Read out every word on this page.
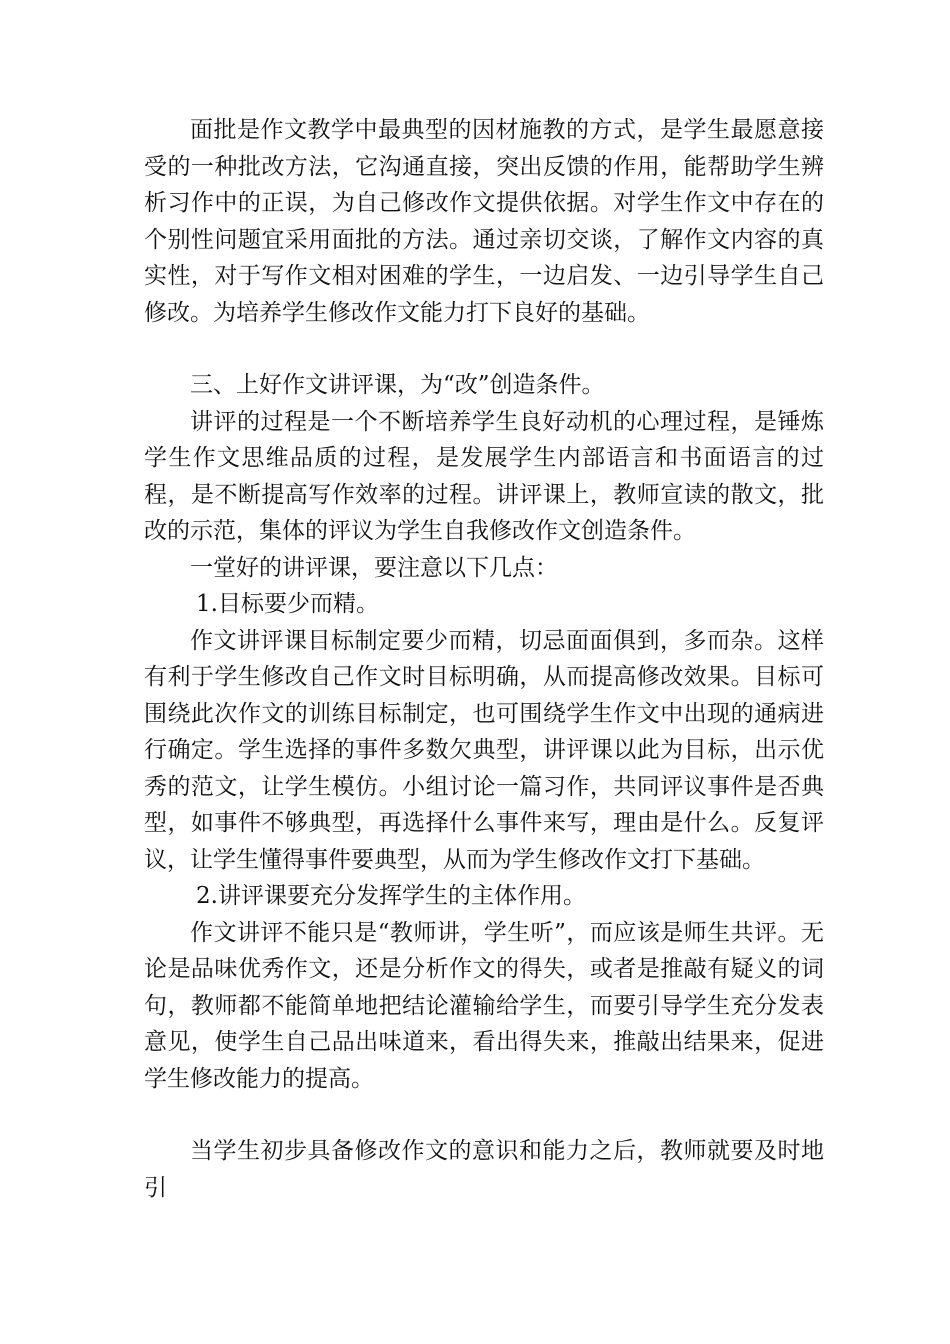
面批是作文教学中最典型的因材施教的方式，是学生最愿意接受的一种批改方法，它沟通直接，突出反馈的作用，能帮助学生辨析习作中的正误，为自己修改作文提供依据。对学生作文中存在的个别性问题宜采用面批的方法。通过亲切交谈，了解作文内容的真实性，对于写作文相对困难的学生，一边启发、一边引导学生自己修改。为培养学生修改作文能力打下良好的基础。

三、上好作文讲评课，为“改”创造条件。

讲评的过程是一个不断培养学生良好动机的心理过程，是锤炼学生作文思维品质的过程，是发展学生内部语言和书面语言的过程，是不断提高写作效率的过程。讲评课上，教师宣读的散文，批改的示范，集体的评议为学生自我修改作文创造条件。

一堂好的讲评课，要注意以下几点：

1.目标要少而精。

作文讲评课目标制定要少而精，切忌面面俱到，多而杂。这样有利于学生修改自己作文时目标明确，从而提高修改效果。目标可围绕此次作文的训练目标制定，也可围绕学生作文中出现的通病进行确定。学生选择的事件多数欠典型，讲评课以此为目标，出示优秀的范文，让学生模仿。小组讨论一篇习作，共同评议事件是否典型，如事件不够典型，再选择什么事件来写，理由是什么。反复评议，让学生懂得事件要典型，从而为学生修改作文打下基础。

2.讲评课要充分发挥学生的主体作用。

作文讲评不能只是“教师讲，学生听”，而应该是师生共评。无论是品味优秀作文，还是分析作文的得失，或者是推敲有疑义的词句，教师都不能简单地把结论灌输给学生，而要引导学生充分发表意见，使学生自己品出味道来，看出得失来，推敲出结果来，促进学生修改能力的提高。

当学生初步具备修改作文的意识和能力之后，教师就要及时地引
